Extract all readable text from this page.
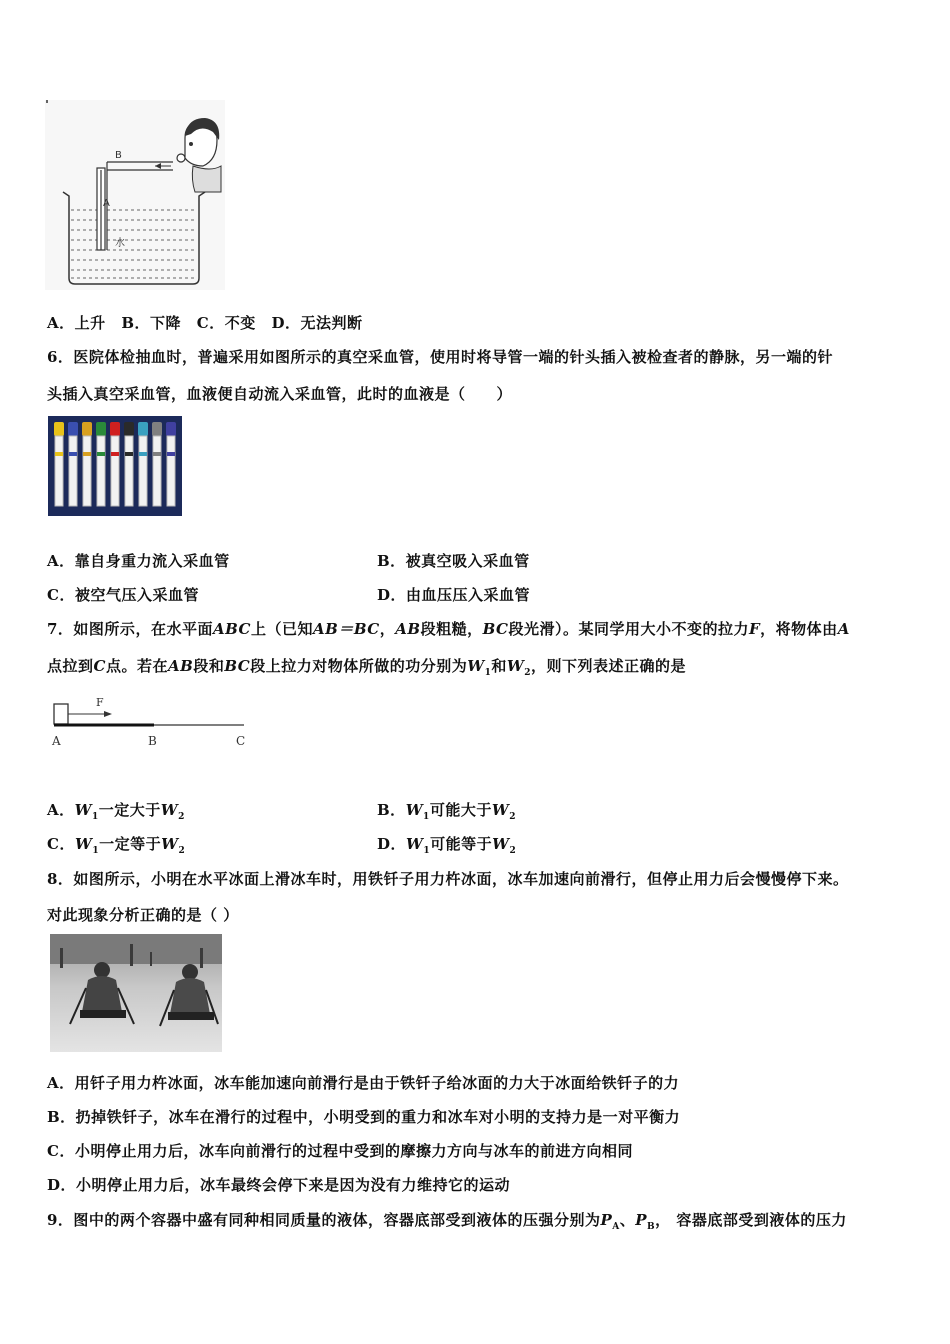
B
A
水
A．上升 B．下降 C．不变 D．无法判断
6．医院体检抽血时，普遍采用如图所示的真空采血管，使用时将导管一端的针头插入被检查者的静脉，另一端的针
头插入真空采血管，血液便自动流入采血管，此时的血液是（　　）
A．靠自身重力流入采血管	B．被真空吸入采血管
C．被空气压入采血管	D．由血压压入采血管
7．如图所示，在水平面ABC上（已知AB＝BC，AB段粗糙，BC段光滑）。某同学用大小不变的拉力F，将物体由A
点拉到C点。若在AB段和BC段上拉力对物体所做的功分别为$W_1$和$W_2$，则下列表述正确的是
F
A	B	C
A．$W_1$一定大于$W_2$	B．$W_1$可能大于$W_2$
C．$W_1$一定等于$W_2$	D．$W_1$可能等于$W_2$
8．如图所示，小明在水平冰面上滑冰车时，用铁钎子用力杵冰面，冰车加速向前滑行，但停止用力后会慢慢停下来。
对此现象分析正确的是（ ）
A．用钎子用力杵冰面，冰车能加速向前滑行是由于铁钎子给冰面的力大于冰面给铁钎子的力
B．扔掉铁钎子，冰车在滑行的过程中，小明受到的重力和冰车对小明的支持力是一对平衡力
C．小明停止用力后，冰车向前滑行的过程中受到的摩擦力方向与冰车的前进方向相同
D．小明停止用力后，冰车最终会停下来是因为没有力维持它的运动
9．图中的两个容器中盛有同种相同质量的液体，容器底部受到液体的压强分别为$P_A$、$P_B$， 容器底部受到液体的压力
